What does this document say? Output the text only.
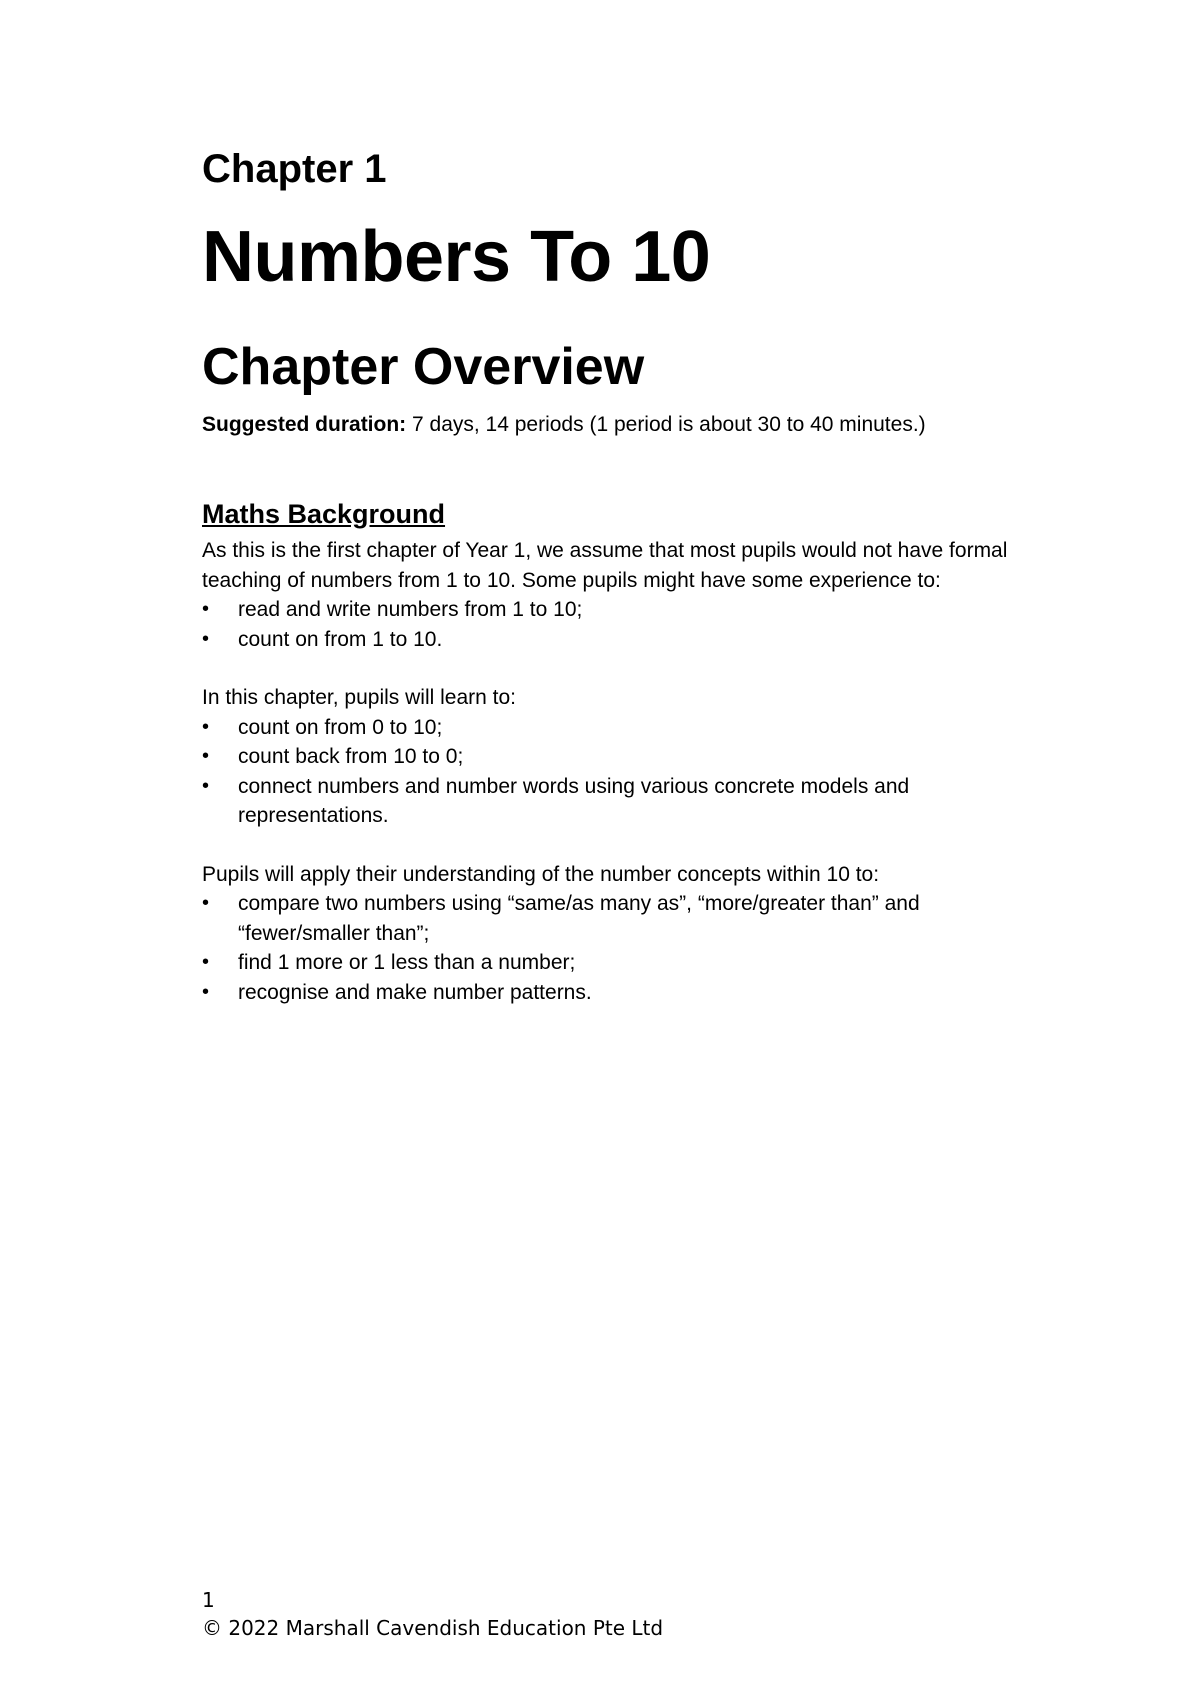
Chapter 1

Numbers To 10
Chapter Overview

Suggested duration: 7 days, 14 periods (1 period is about 30 to 40 minutes.)

Maths Background

As this is the first chapter of Year 1, we assume that most pupils would not have formal teaching of numbers from 1 to 10. Some pupils might have some experience to:

•	read and write numbers from 1 to 10;
•	count on from 1 to 10.

In this chapter, pupils will learn to:

•	count on from 0 to 10;
•	count back from 10 to 0;
•	connect numbers and number words using various concrete models and representations.

Pupils will apply their understanding of the number concepts within 10 to:

•	compare two numbers using “same/as many as”, “more/greater than” and “fewer/smaller than”;
•	find 1 more or 1 less than a number;
•	recognise and make number patterns.
1
© 2022 Marshall Cavendish Education Pte Ltd
